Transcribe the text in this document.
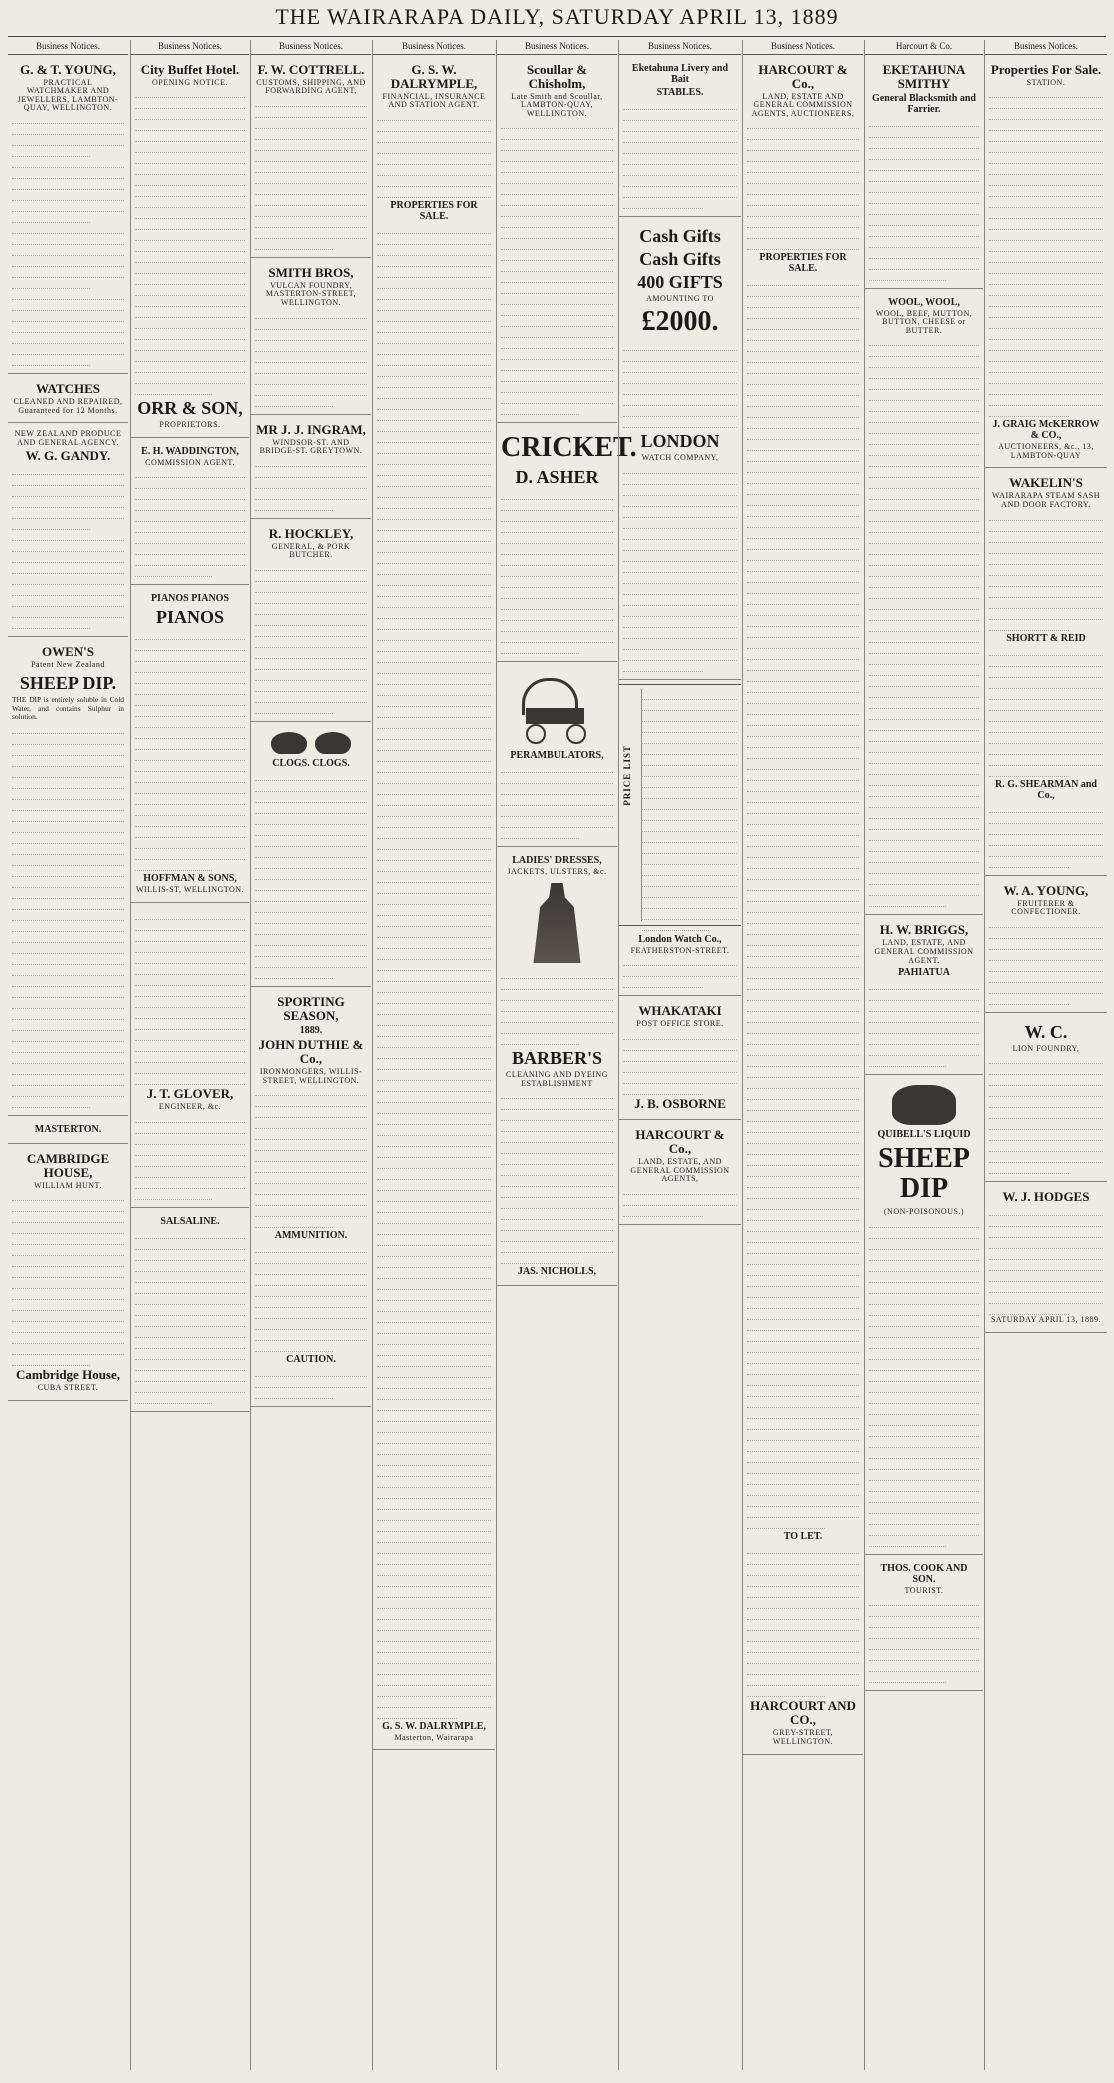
THE WAIRARAPA DAILY, SATURDAY APRIL 13, 1889
Business Notices.
G. & T. YOUNG,
PRACTICAL WATCHMAKER AND JEWELLERS, LAMBTON-QUAY, WELLINGTON.
WATCHES
CLEANED AND REPAIRED, Guaranteed for 12 Months.
NEW ZEALAND PRODUCE AND GENERAL AGENCY.
W. G. GANDY.
OWEN'S
Patent New Zealand
SHEEP DIP.

THE DIP is entirely soluble in Cold Water, and contains Sulphur in solution.

MASTERTON.
CAMBRIDGE HOUSE,
WILLIAM HUNT.
Cambridge House,
CUBA STREET.
Business Notices.
City Buffet Hotel.
OPENING NOTICE.
ORR & SON,
PROPRIETORS.
E. H. WADDINGTON,
COMMISSION AGENT.
PIANOS PIANOS
PIANOS
HOFFMAN & SONS,
WILLIS-ST, WELLINGTON.
J. T. GLOVER,
ENGINEER, &c.
SALSALINE.
Business Notices.
F. W. COTTRELL.
CUSTOMS, SHIPPING, AND FORWARDING AGENT,
SMITH BROS,
VULCAN FOUNDRY, MASTERTON-STREET, WELLINGTON.
MR J. J. INGRAM,
WINDSOR-ST. AND BRIDGE-ST. GREYTOWN.
R. HOCKLEY,
GENERAL, & PORK BUTCHER.
CLOGS. CLOGS.
SPORTING SEASON,
1889.
JOHN DUTHIE & Co.,
IRONMONGERS, WILLIS-STREET, WELLINGTON.
AMMUNITION.
CAUTION.
Business Notices.
G. S. W. DALRYMPLE,
FINANCIAL, INSURANCE AND STATION AGENT.
PROPERTIES FOR SALE.
G. S. W. DALRYMPLE,
Masterton, Wairarapa
Business Notices.
Scoullar & Chisholm,
Late Smith and Scoullar, LAMBTON-QUAY, WELLINGTON.
CRICKET.
D. ASHER
PERAMBULATORS,
LADIES' DRESSES,
JACKETS, ULSTERS, &c.
BARBER'S
CLEANING AND DYEING ESTABLISHMENT
JAS. NICHOLLS,
Business Notices.
Eketahuna Livery and Bait
STABLES.
Cash Gifts
Cash Gifts
400 GIFTS
AMOUNTING TO
£2000.
LONDON
WATCH COMPANY,
PRICE LIST
London Watch Co.,
FEATHERSTON-STREET.
WHAKATAKI
POST OFFICE STORE.
J. B. OSBORNE
HARCOURT & Co.,
LAND, ESTATE, AND GENERAL COMMISSION AGENTS,
Business Notices.
HARCOURT & Co.,
LAND, ESTATE AND GENERAL COMMISSION AGENTS, AUCTIONEERS,
PROPERTIES FOR SALE.
TO LET.
HARCOURT AND CO.,
GREY-STREET, WELLINGTON.
Harcourt & Co.
EKETAHUNA SMITHY
General Blacksmith and Farrier.
WOOL, WOOL,
WOOL, BEEF, MUTTON, BUTTON, CHEESE or BUTTER.
H. W. BRIGGS,
LAND, ESTATE, AND GENERAL COMMISSION AGENT.
PAHIATUA
QUIBELL'S LIQUID
SHEEP DIP
(NON-POISONOUS.)
THOS. COOK AND SON.
TOURIST.
Business Notices.
Properties For Sale.
STATION.
J. GRAIG McKERROW & CO.,
AUCTIONEERS, &c., 13, LAMBTON-QUAY
WAKELIN'S
WAIRARAPA STEAM SASH AND DOOR FACTORY.
SHORTT & REID
R. G. SHEARMAN and Co.,
W. A. YOUNG,
FRUITERER & CONFECTIONER.
W. C.
LION FOUNDRY,
W. J. HODGES
SATURDAY APRIL 13, 1889.
